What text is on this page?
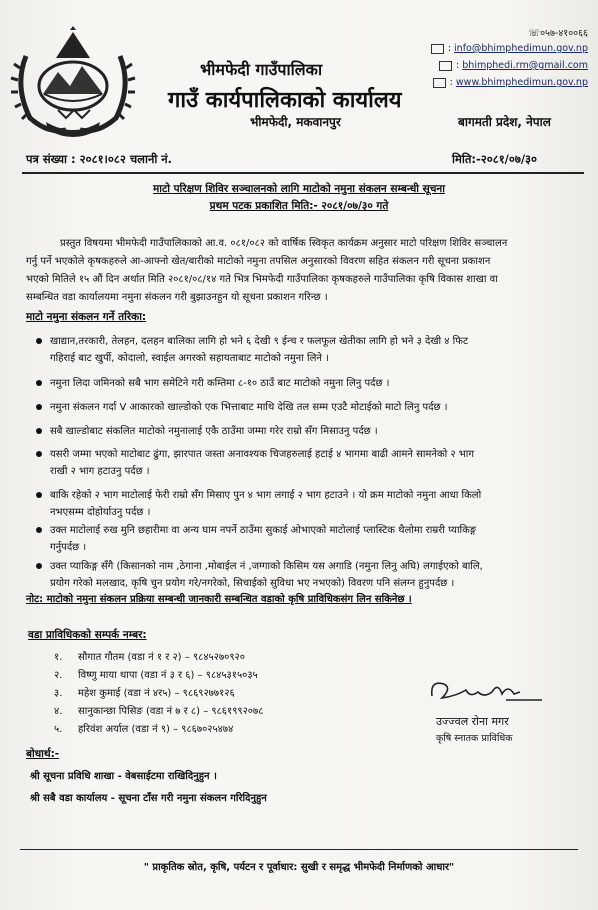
भीमफेदी गाउँपालिका
गाउँ कार्यपालिकाको कार्यालय
भीमफेदी, मकवानपुर
☏०५७-४१००६६
: info@bhimphedimun.gov.np
: bhimphedi.rm@gmail.com
: www.bhimphedimun.gov.np
बागमती प्रदेश, नेपाल
पत्र संख्या : २०८१।०८२ चलानी नं.	मिति:-२०८१/०७/३०
माटो परिक्षण शिविर सञ्चालनको लागि माटोको नमुना संकलन सम्बन्धी सूचना
प्रथम पटक प्रकाशित मिति:- २०८१/०७/३० गते
प्रस्तुत विषयमा भीमफेदी गाउँपालिकाको आ.व. ०८१/०८२ को वार्षिक स्विकृत कार्यक्रम अनुसार माटो परिक्षण शिविर सञ्चालन
गर्नु पर्ने भएकोले कृषकहरुले आ-आफ्नो खेत/बारीको माटोको नमुना तपसिल अनुसारको विवरण सहित संकलन गरी सूचना प्रकाशन
भएको मितिले १५ औं दिन अर्थात मिति २०८१/०८/१४ गते भित्र भिमफेदी गाउँपालिका कृषकहरुले गाउँपालिका कृषि विकास शाखा वा
सम्बन्धित वडा कार्यालयमा नमुना संकलन गरी बुझाउनहुन यो सूचना प्रकाशन गरिन्छ ।
माटो नमुना संकलन गर्ने तरिका:
खाद्यान,तरकारी, तेलहन, दलहन बालिका लागि हो भने ६ देखी ९ ईन्च र फलफूल खेतीका लागि हो भने ३ देखी ४ फिट
गहिराई बाट खुर्पी, कोदालो, स्वाईल अगरको सहायताबाट माटोको नमुना लिने ।
नमुना लिदा जमिनको सबै भाग समेटिने गरी कम्तिमा ८-१० ठाउँ बाट माटोको नमुना लिनु पर्दछ ।
नमुना संकलन गर्दा V आकारको खाल्डोको एक भित्ताबाट माथि देखि तल सम्म एउटै मोटाईको माटो लिनु पर्दछ ।
सबै खाल्डोबाट संकलित माटोको नमुनालाई एकै ठाउँमा जम्मा गरेर राम्रो सँग मिसाउनु पर्दछ ।
यसरी जम्मा भएको माटोबाट ढुंगा, झारपात जस्ता अनावश्यक चिजहरुलाई हटाई ४ भागमा बाढी आमने सामनेको २ भाग
राखी २ भाग हटाउनु पर्दछ ।
बाकि रहेको २ भाग माटोलाई फेरी राम्रो सँग मिसाए पुन ४ भाग लगाई २ भाग हटाउने । यो क्रम माटोको नमुना आधा किलो
नभएसम्म दोहोर्याउनु पर्दछ ।
उक्त माटोलाई रुख मुनि छहारीमा वा अन्य घाम नपर्ने ठाउँमा सुकाई ओभाएको माटोलाई प्लास्टिक थैलोमा राम्ररी प्याकिङ्ग
गर्नुपर्दछ ।
उक्त प्याकिङ्ग सँगै (किसानको नाम ,ठेगाना ,मोबाईल नं ,जग्गाको किसिम यस अगाडि (नमुना लिनु अघि) लगाईएको बालि,
प्रयोग गरेको मलखाद, कृषि चुन प्रयोग गरे/नगरेको, सिचाईको सुविधा भए नभएको) विवरण पनि संलग्न हुनुपर्दछ ।
नोट: माटोको नमुना संकलन प्रक्रिया सम्बन्धी जानकारी सम्बन्धित वडाको कृषि प्राविधिकसंग लिन सकिनेछ ।
वडा प्राविधिकको सम्पर्क नम्बर:
१. सौगात गौतम (वडा नं १ र २) – ९८४५२७०९२०
२. विष्णु माया थापा (वडा नं ३ र ६) – ९८४५३१५०३५
३. महेश कुमाई (वडा नं ४र५) – ९८६९२७७१२६
४. सानुकान्छा पिसिङ (वडा नं ७ र ८) – ९८६१९९२०७८
५. हरिवंश अर्याल (वडा नं ९) – ९८६७०२५४७४
उज्ज्वल रोना मगर
कृषि स्नातक प्राविधिक
बोधार्थ:-
श्री सूचना प्रविधि शाखा - वेबसाईटमा राखिदिनुहुन ।
श्री सबै वडा कार्यालय - सूचना टाँस गरी नमुना संकलन गरिदिनुहुन
" प्राकृतिक स्रोत, कृषि, पर्यटन र पूर्वाधार: सुखी र समृद्ध भीमफेदी निर्माणको आधार"
